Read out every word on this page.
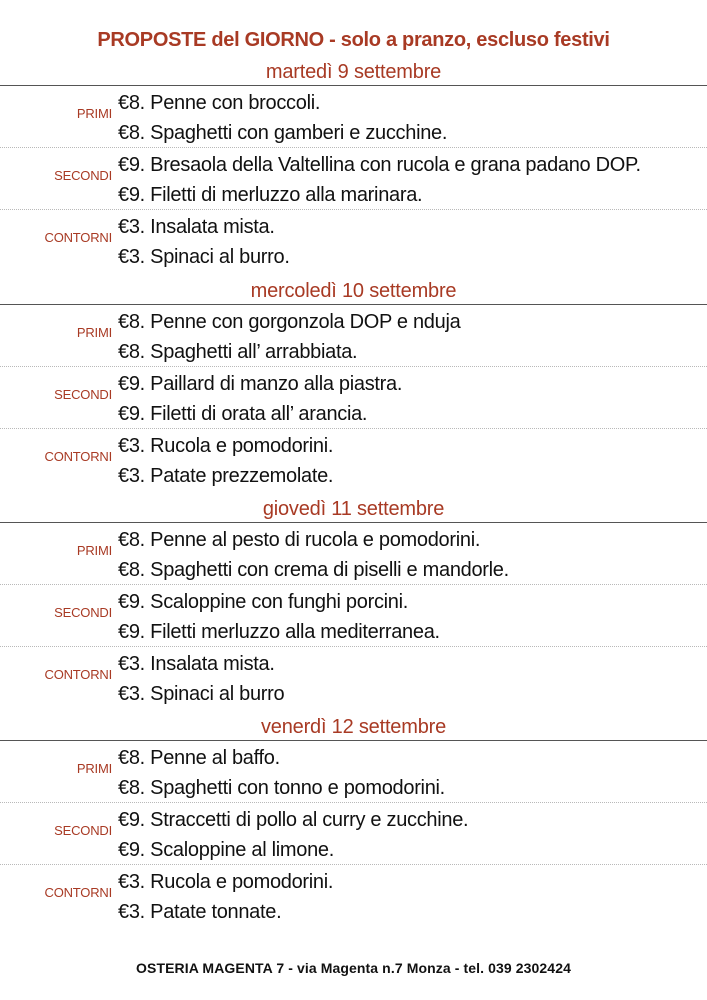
PROPOSTE del GIORNO - solo a pranzo, escluso festivi
martedì 9 settembre
PRIMI €8. Penne con broccoli.
€8. Spaghetti con gamberi e zucchine.
SECONDI €9. Bresaola della Valtellina con rucola e grana padano DOP.
€9. Filetti di merluzzo alla marinara.
CONTORNI €3. Insalata mista.
€3. Spinaci al burro.
mercoledì 10 settembre
PRIMI €8. Penne con gorgonzola DOP e nduja
€8. Spaghetti all’ arrabbiata.
SECONDI €9. Paillard di manzo alla piastra.
€9. Filetti di orata all’ arancia.
CONTORNI €3. Rucola e pomodorini.
€3. Patate prezzemolate.
giovedì 11 settembre
PRIMI €8. Penne al pesto di rucola e pomodorini.
€8. Spaghetti con crema di piselli e mandorle.
SECONDI €9. Scaloppine con funghi porcini.
€9. Filetti merluzzo alla mediterranea.
CONTORNI €3. Insalata mista.
€3. Spinaci al burro
venerdì 12 settembre
PRIMI €8. Penne al baffo.
€8. Spaghetti con tonno e pomodorini.
SECONDI €9. Straccetti di pollo al curry e zucchine.
€9. Scaloppine al limone.
CONTORNI €3. Rucola e pomodorini.
€3. Patate tonnate.
OSTERIA MAGENTA 7 - via Magenta n.7 Monza - tel. 039 2302424
